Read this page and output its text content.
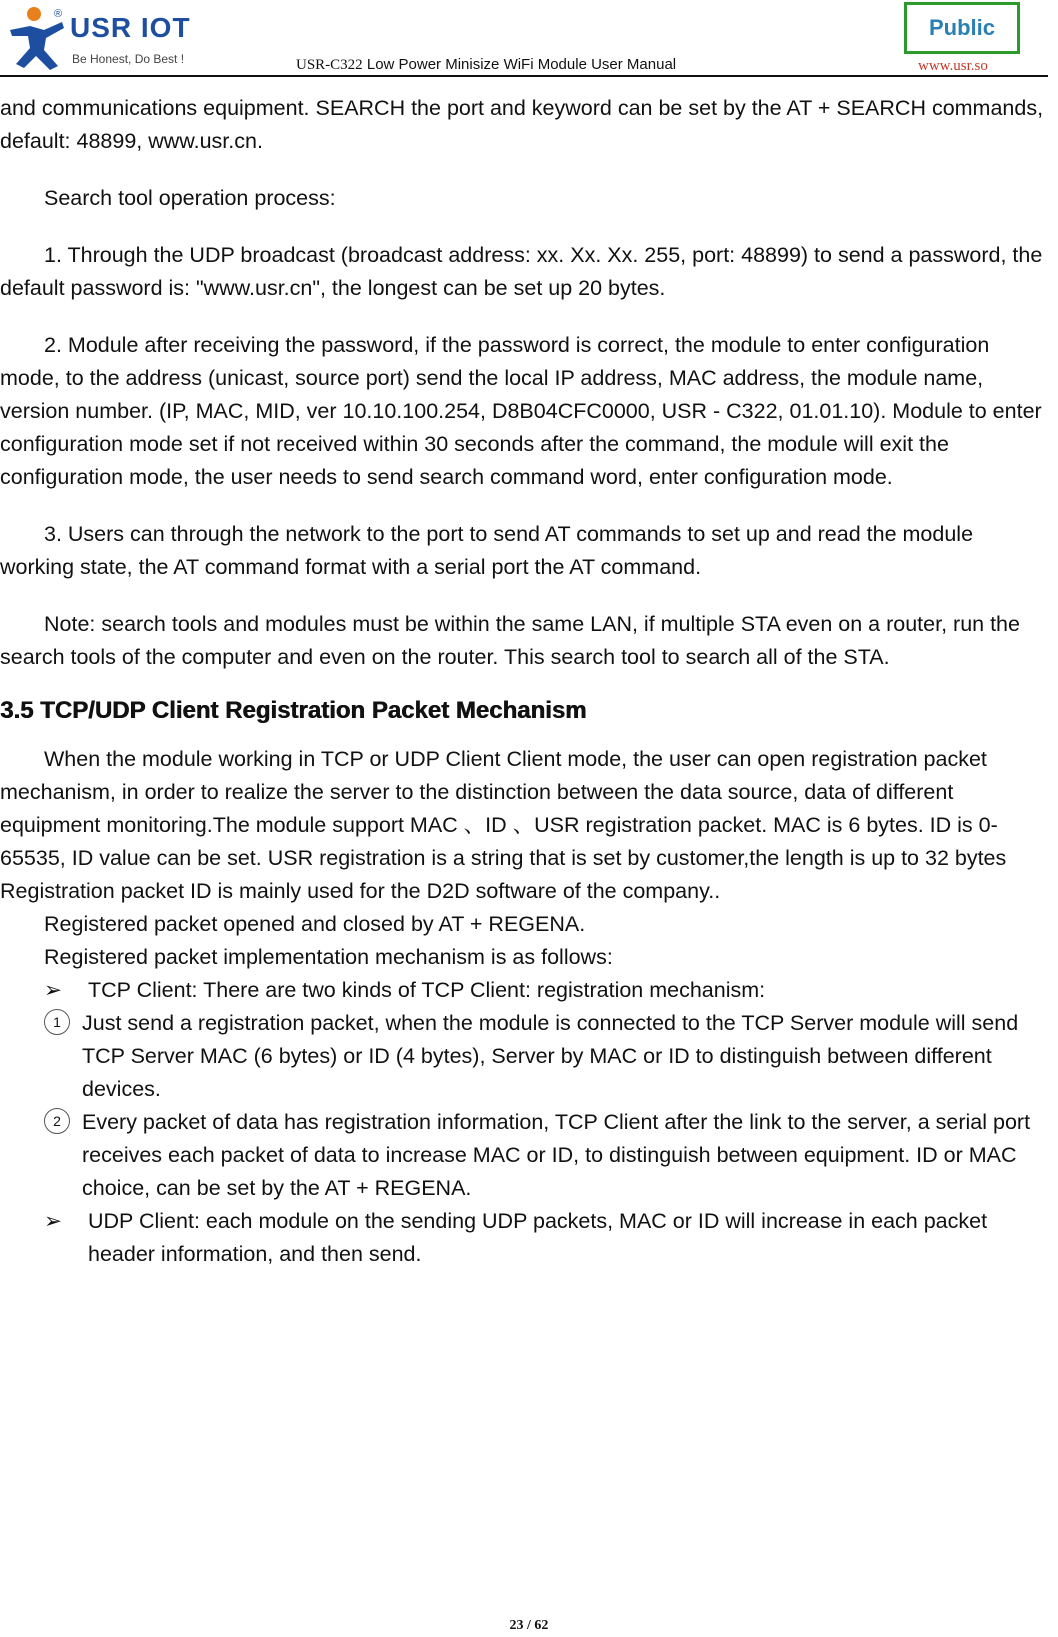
® USR IOT
Be Honest, Do Best !	USR-C322 Low Power Minisize WiFi Module User Manual
Public
www.usr.so

and communications equipment. SEARCH the port and keyword can be set by the AT + SEARCH commands, default: 48899, www.usr.cn.

Search tool operation process:

1. Through the UDP broadcast (broadcast address: xx. Xx. Xx. 255, port: 48899) to send a password, the default password is: "www.usr.cn", the longest can be set up 20 bytes.

2. Module after receiving the password, if the password is correct, the module to enter configuration mode, to the address (unicast, source port) send the local IP address, MAC address, the module name, version number. (IP, MAC, MID, ver 10.10.100.254, D8B04CFC0000, USR - C322, 01.01.10). Module to enter configuration mode set if not received within 30 seconds after the command, the module will exit the configuration mode, the user needs to send search command word, enter configuration mode.

3. Users can through the network to the port to send AT commands to set up and read the module working state, the AT command format with a serial port the AT command.

Note: search tools and modules must be within the same LAN, if multiple STA even on a router, run the search tools of the computer and even on the router. This search tool to search all of the STA.

3.5 TCP/UDP Client Registration Packet Mechanism

When the module working in TCP or UDP Client Client mode, the user can open registration packet mechanism, in order to realize the server to the distinction between the data source, data of different equipment monitoring.The module support MAC 、ID 、USR registration packet. MAC is 6 bytes. ID is 0-65535, ID value can be set. USR registration is a string that is set by customer,the length is up to 32 bytes Registration packet ID is mainly used for the D2D software of the company..

Registered packet opened and closed by AT + REGENA.

Registered packet implementation mechanism is as follows:

➢ TCP Client: There are two kinds of TCP Client: registration mechanism:

1 Just send a registration packet, when the module is connected to the TCP Server module will send TCP Server MAC (6 bytes) or ID (4 bytes), Server by MAC or ID to distinguish between different devices.

2 Every packet of data has registration information, TCP Client after the link to the server, a serial port receives each packet of data to increase MAC or ID, to distinguish between equipment. ID or MAC choice, can be set by the AT + REGENA.

➢ UDP Client: each module on the sending UDP packets, MAC or ID will increase in each packet header information, and then send.

23 / 62
